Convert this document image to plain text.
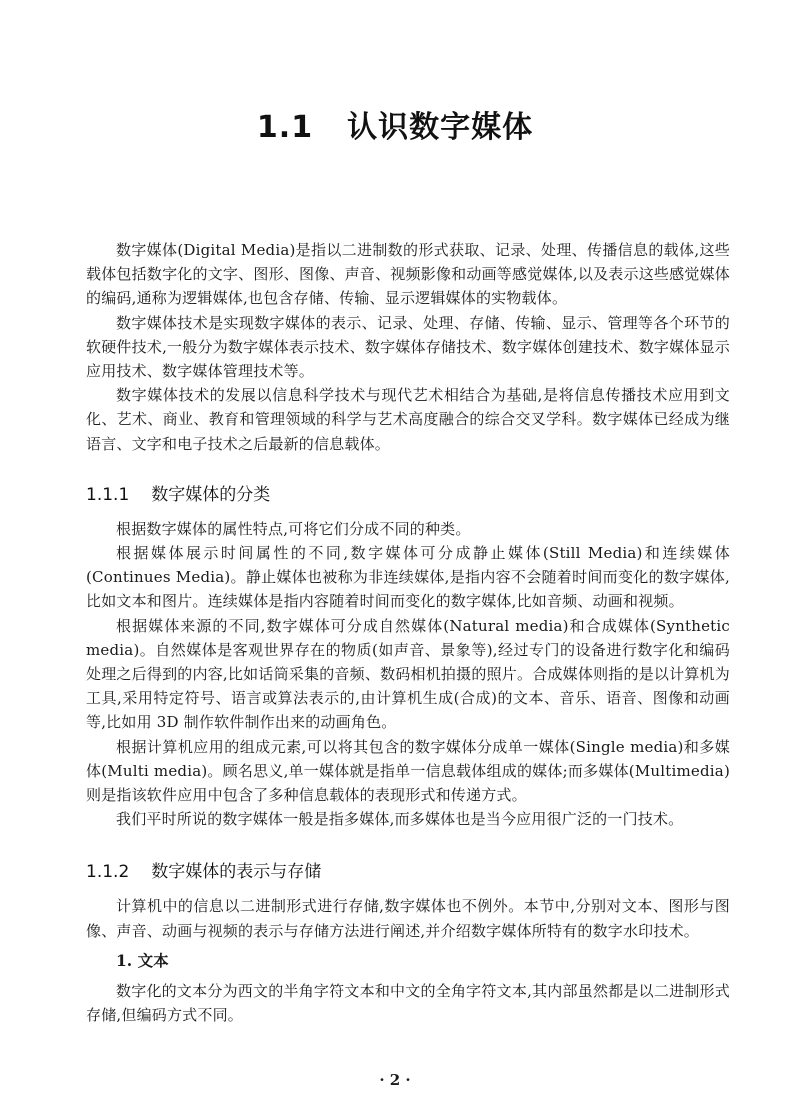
1.1 认识数字媒体

数字媒体(Digital Media)是指以二进制数的形式获取、记录、处理、传播信息的载体,这些载体包括数字化的文字、图形、图像、声音、视频影像和动画等感觉媒体,以及表示这些感觉媒体的编码,通称为逻辑媒体,也包含存储、传输、显示逻辑媒体的实物载体。

数字媒体技术是实现数字媒体的表示、记录、处理、存储、传输、显示、管理等各个环节的软硬件技术,一般分为数字媒体表示技术、数字媒体存储技术、数字媒体创建技术、数字媒体显示应用技术、数字媒体管理技术等。

数字媒体技术的发展以信息科学技术与现代艺术相结合为基础,是将信息传播技术应用到文化、艺术、商业、教育和管理领域的科学与艺术高度融合的综合交叉学科。数字媒体已经成为继语言、文字和电子技术之后最新的信息载体。

1.1.1 数字媒体的分类

根据数字媒体的属性特点,可将它们分成不同的种类。

根据媒体展示时间属性的不同,数字媒体可分成静止媒体(Still Media)和连续媒体(Continues Media)。静止媒体也被称为非连续媒体,是指内容不会随着时间而变化的数字媒体,比如文本和图片。连续媒体是指内容随着时间而变化的数字媒体,比如音频、动画和视频。

根据媒体来源的不同,数字媒体可分成自然媒体(Natural media)和合成媒体(Synthetic media)。自然媒体是客观世界存在的物质(如声音、景象等),经过专门的设备进行数字化和编码处理之后得到的内容,比如话筒采集的音频、数码相机拍摄的照片。合成媒体则指的是以计算机为工具,采用特定符号、语言或算法表示的,由计算机生成(合成)的文本、音乐、语音、图像和动画等,比如用 3D 制作软件制作出来的动画角色。

根据计算机应用的组成元素,可以将其包含的数字媒体分成单一媒体(Single media)和多媒体(Multi media)。顾名思义,单一媒体就是指单一信息载体组成的媒体;而多媒体(Multimedia)则是指该软件应用中包含了多种信息载体的表现形式和传递方式。

我们平时所说的数字媒体一般是指多媒体,而多媒体也是当今应用很广泛的一门技术。

1.1.2 数字媒体的表示与存储

计算机中的信息以二进制形式进行存储,数字媒体也不例外。本节中,分别对文本、图形与图像、声音、动画与视频的表示与存储方法进行阐述,并介绍数字媒体所特有的数字水印技术。

1. 文本

数字化的文本分为西文的半角字符文本和中文的全角字符文本,其内部虽然都是以二进制形式存储,但编码方式不同。

· 2 ·
